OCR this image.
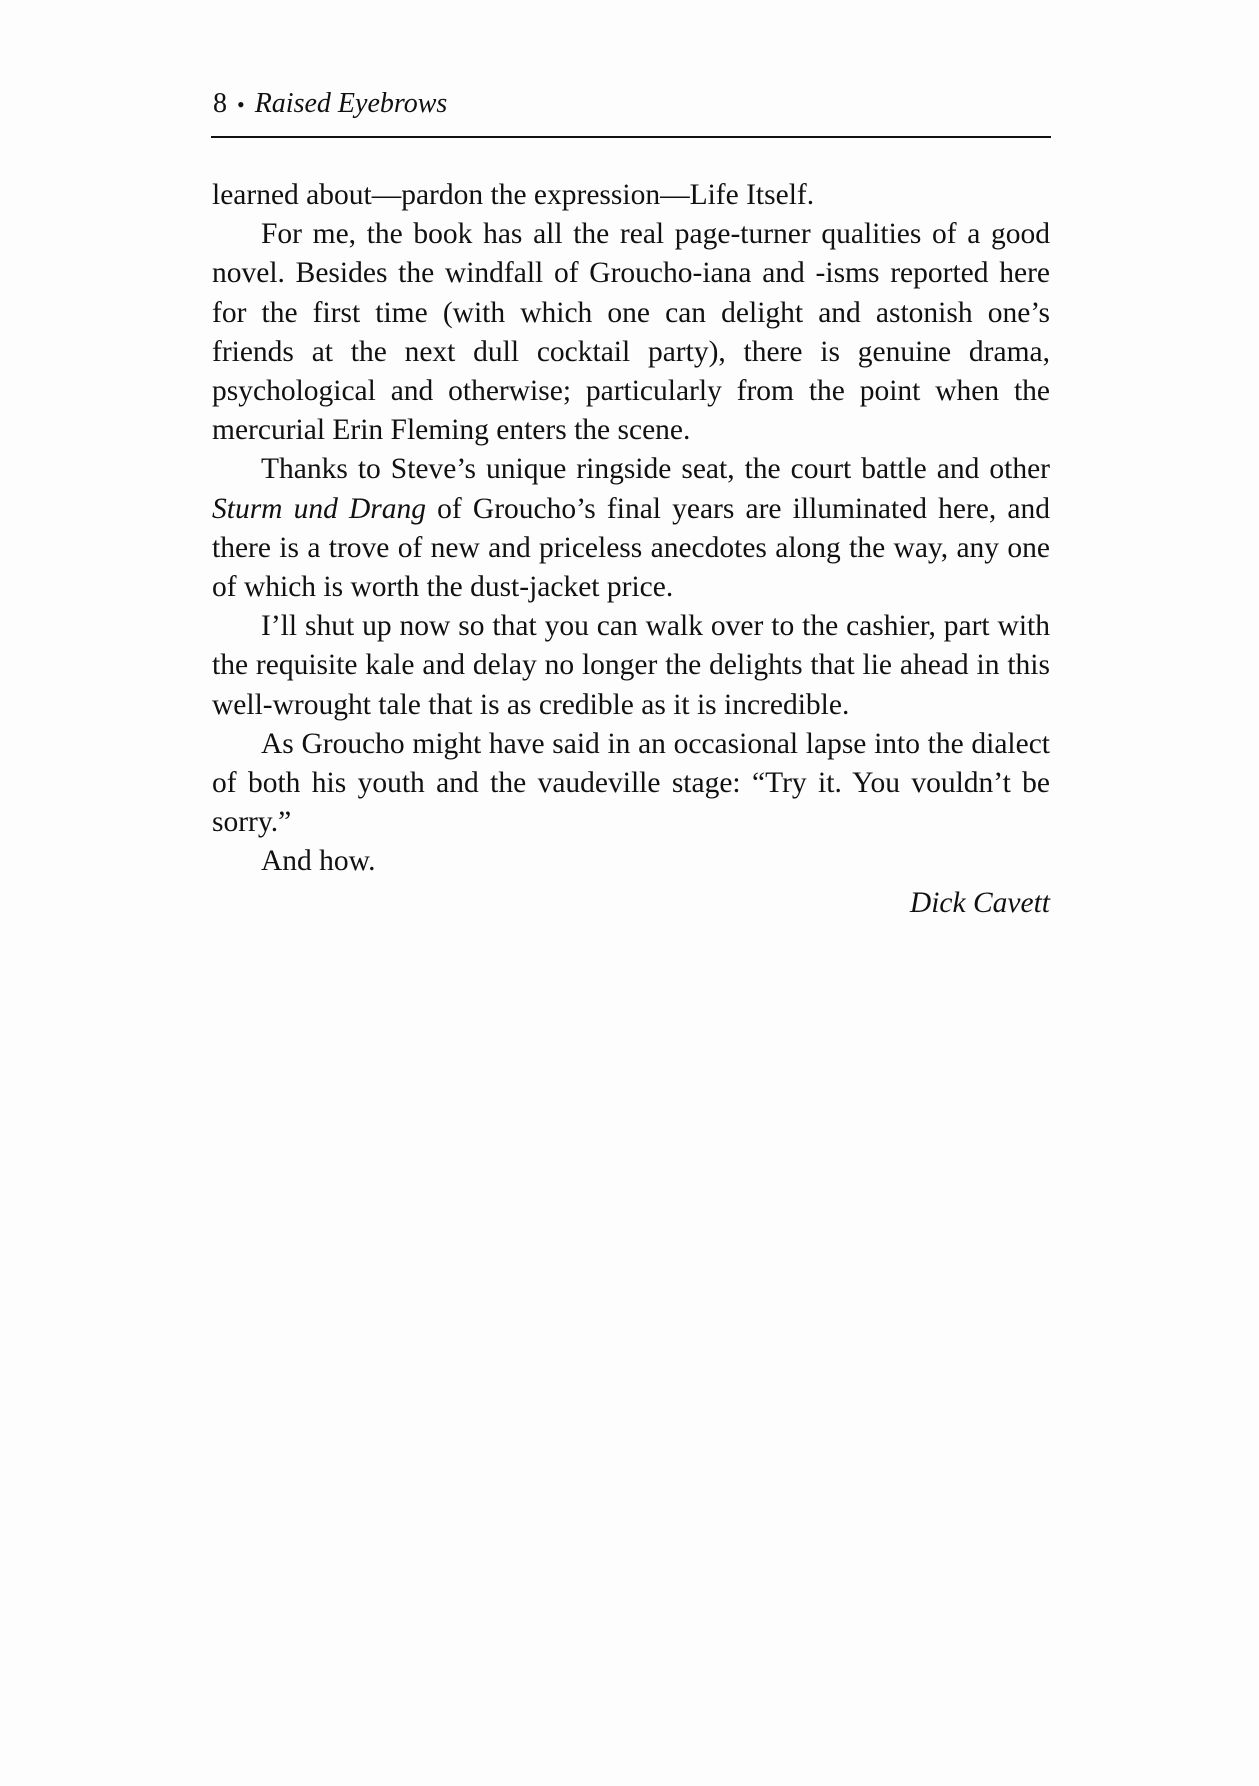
8 • Raised Eyebrows

learned about—pardon the expression—Life Itself.

For me, the book has all the real page-turner qualities of a good novel. Besides the windfall of Groucho-iana and -isms reported here for the first time (with which one can delight and astonish one’s friends at the next dull cocktail party), there is genuine drama, psychological and otherwise; particularly from the point when the mercurial Erin Fleming enters the scene.

Thanks to Steve’s unique ringside seat, the court battle and other Sturm und Drang of Groucho’s final years are illuminated here, and there is a trove of new and priceless anecdotes along the way, any one of which is worth the dust-jacket price.

I’ll shut up now so that you can walk over to the cashier, part with the requisite kale and delay no longer the delights that lie ahead in this well-wrought tale that is as credible as it is incredible.

As Groucho might have said in an occasional lapse into the dialect of both his youth and the vaudeville stage: “Try it. You vouldn’t be sorry.”

And how.

Dick Cavett
